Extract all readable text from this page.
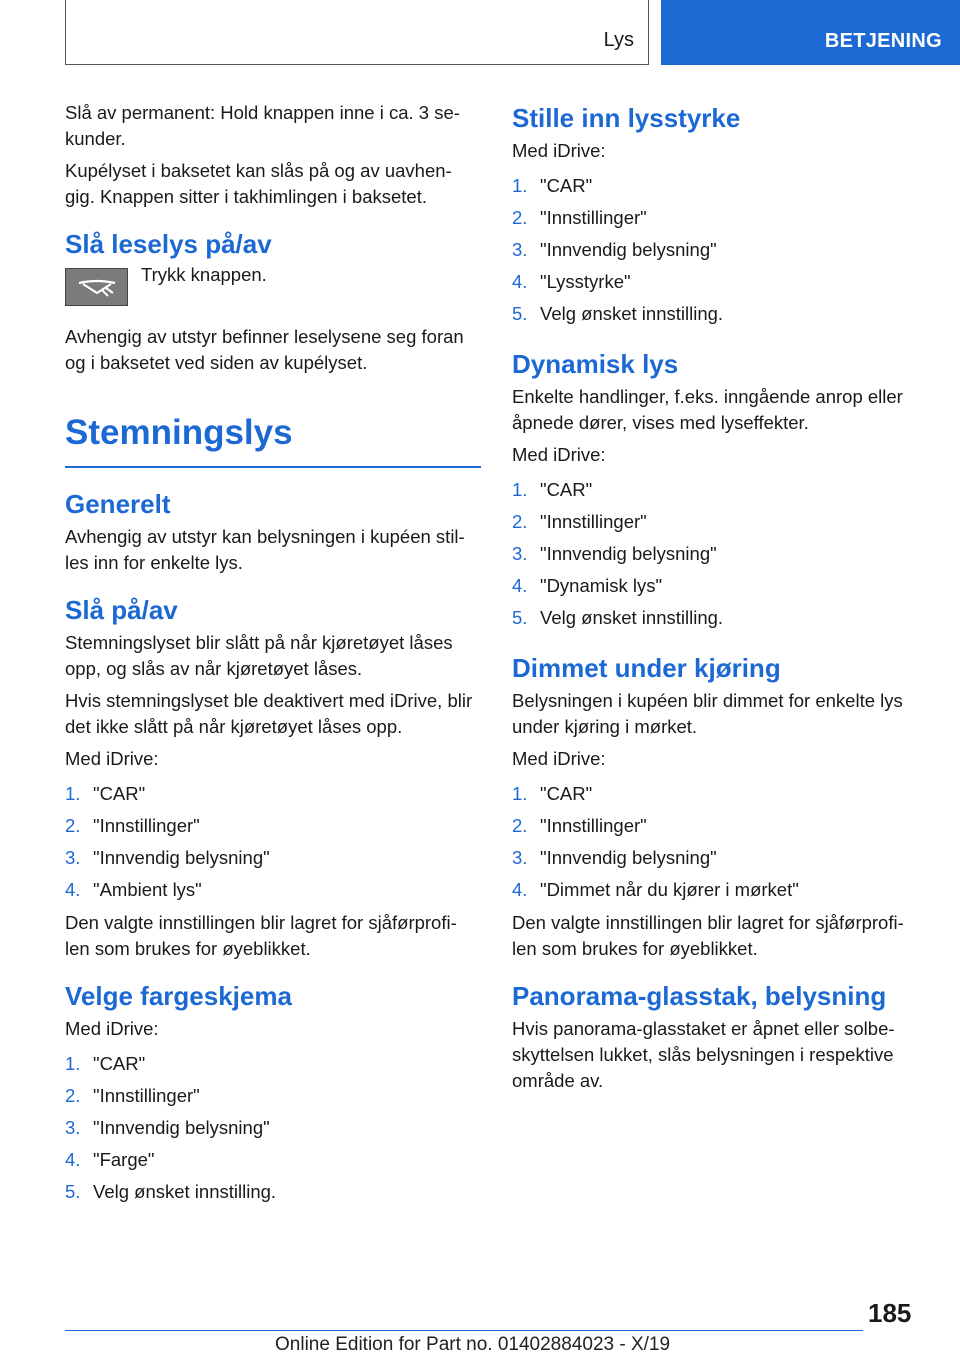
Lys	BETJENING

Slå av permanent: Hold knappen inne i ca. 3 se‐ kunder.

Kupélyset i baksetet kan slås på og av uavhen‐ gig. Knappen sitter i takhimlingen i baksetet.

Slå leselys på/av

Trykk knappen.

Avhengig av utstyr befinner leselysene seg foran og i baksetet ved siden av kupélyset.

Stemningslys
Generelt

Avhengig av utstyr kan belysningen i kupéen stil‐ les inn for enkelte lys.

Slå på/av

Stemningslyset blir slått på når kjøretøyet låses opp, og slås av når kjøretøyet låses.

Hvis stemningslyset ble deaktivert med iDrive, blir det ikke slått på når kjøretøyet låses opp.

Med iDrive:

1. "CAR"
2. "Innstillinger"
3. "Innvendig belysning"
4. "Ambient lys"

Den valgte innstillingen blir lagret for sjåførprofi‐ len som brukes for øyeblikket.

Velge fargeskjema

Med iDrive:

1. "CAR"
2. "Innstillinger"
3. "Innvendig belysning"
4. "Farge"
5. Velg ønsket innstilling.
Stille inn lysstyrke

Med iDrive:

1. "CAR"
2. "Innstillinger"
3. "Innvendig belysning"
4. "Lysstyrke"
5. Velg ønsket innstilling.
Dynamisk lys

Enkelte handlinger, f.eks. inngående anrop eller åpnede dører, vises med lyseffekter.

Med iDrive:

1. "CAR"
2. "Innstillinger"
3. "Innvendig belysning"
4. "Dynamisk lys"
5. Velg ønsket innstilling.
Dimmet under kjøring

Belysningen i kupéen blir dimmet for enkelte lys under kjøring i mørket.

Med iDrive:

1. "CAR"
2. "Innstillinger"
3. "Innvendig belysning"
4. "Dimmet når du kjører i mørket"

Den valgte innstillingen blir lagret for sjåførprofi‐ len som brukes for øyeblikket.

Panorama-glasstak, belysning

Hvis panorama-glasstaket er åpnet eller solbe‐ skyttelsen lukket, slås belysningen i respektive område av.

185
Online Edition for Part no. 01402884023 - X/19
